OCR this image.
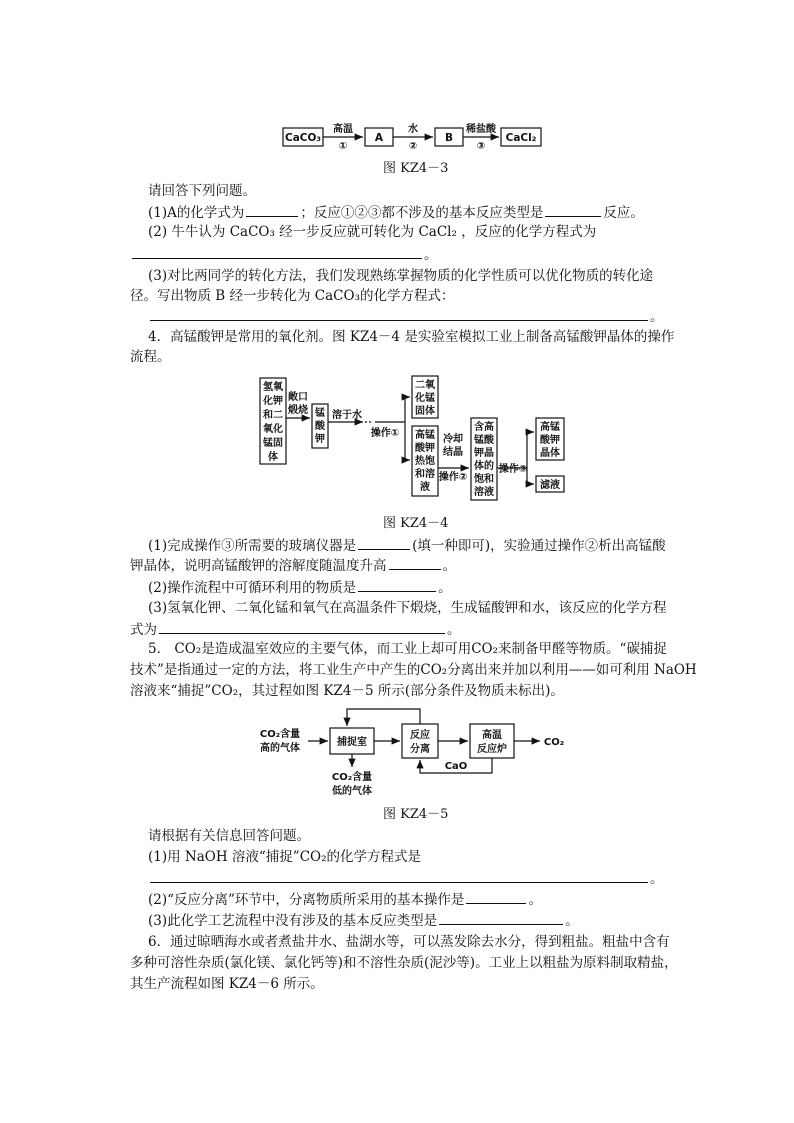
CaCO₃
高温
①
A
水
②
B
稀盐酸
③
CaCl₂
图 KZ4－3
请回答下列问题。
(1)A的化学式为	；反应①②③都不涉及的基本反应类型是	反应。
(2) 牛牛认为 CaCO₃ 经一步反应就可转化为 CaCl₂ ，反应的化学方程式为
。
(3)对比两同学的转化方法，我们发现熟练掌握物质的化学性质可以优化物质的转化途
径。写出物质 B 经一步转化为 CaCO₃的化学方程式：
。
4．高锰酸钾是常用的氧化剂。图 KZ4－4 是实验室模拟工业上制备高锰酸钾晶体的操作
流程。
氢氧
化钾
和二
氧化
锰固
体
敞口
煅烧 锰
酸
钾
溶于水
操作①
二氧
化锰
固体
高锰
酸钾
热饱
和溶
液
冷却
结晶
操作②
含高
锰酸
钾晶
体的
饱和
溶液
操作③
高锰
酸钾
晶体
滤液
图 KZ4－4
(1)完成操作③所需要的玻璃仪器是	(填一种即可)，实验通过操作②析出高锰酸
钾晶体，说明高锰酸钾的溶解度随温度升高	。
(2)操作流程中可循环利用的物质是	。
(3)氢氧化钾、二氧化锰和氧气在高温条件下煅烧，生成锰酸钾和水，该反应的化学方程
式为	。
5． CO₂是造成温室效应的主要气体，而工业上却可用CO₂来制备甲醛等物质。“碳捕捉
技术”是指通过一定的方法，将工业生产中产生的CO₂分离出来并加以利用——如可利用 NaOH
溶液来“捕捉”CO₂，其过程如图 KZ4－5 所示(部分条件及物质未标出)。
CO₂含量
高的气体
捕捉室
反应
分离
高温
反应炉
CO₂
CaO
CO₂含量
低的气体
图 KZ4－5
请根据有关信息回答问题。
(1)用 NaOH 溶液“捕捉”CO₂的化学方程式是
。
(2)“反应分离”环节中，分离物质所采用的基本操作是	。
(3)此化学工艺流程中没有涉及的基本反应类型是	。
6．通过晾晒海水或者煮盐井水、盐湖水等，可以蒸发除去水分，得到粗盐。粗盐中含有
多种可溶性杂质(氯化镁、氯化钙等)和不溶性杂质(泥沙等)。工业上以粗盐为原料制取精盐，
其生产流程如图 KZ4－6 所示。
